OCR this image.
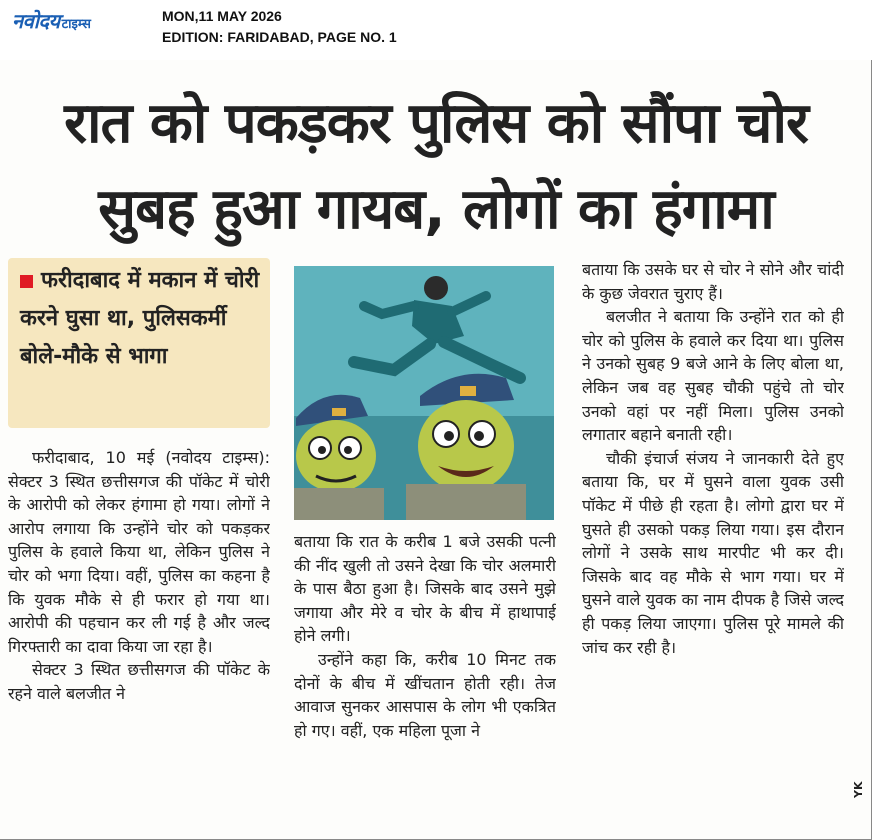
नवोदय टाइम्स
MON,11 MAY 2026
EDITION: FARIDABAD, PAGE NO. 1
रात को पकड़कर पुलिस को सौंपा चोर
सुबह हुआ गायब, लोगों का हंगामा
फरीदाबाद में मकान में चोरी करने घुसा था, पुलिसकर्मी बोले-मौके से भागा

फरीदाबाद, 10 मई (नवोदय टाइम्स): सेक्टर 3 स्थित छत्तीसगज की पॉकेट में चोरी के आरोपी को लेकर हंगामा हो गया। लोगों ने आरोप लगाया कि उन्होंने चोर को पकड़कर पुलिस के हवाले किया था, लेकिन पुलिस ने चोर को भगा दिया। वहीं, पुलिस का कहना है कि युवक मौके से ही फरार हो गया था। आरोपी की पहचान कर ली गई है और जल्द गिरफ्तारी का दावा किया जा रहा है।

सेक्टर 3 स्थित छत्तीसगज की पॉकेट के रहने वाले बलजीत ने

बताया कि रात के करीब 1 बजे उसकी पत्नी की नींद खुली तो उसने देखा कि चोर अलमारी के पास बैठा हुआ है। जिसके बाद उसने मुझे जगाया और मेरे व चोर के बीच में हाथापाई होने लगी।

उन्होंने कहा कि, करीब 10 मिनट तक दोनों के बीच में खींचतान होती रही। तेज आवाज सुनकर आसपास के लोग भी एकत्रित हो गए। वहीं, एक महिला पूजा ने

बताया कि उसके घर से चोर ने सोने और चांदी के कुछ जेवरात चुराए हैं।

बलजीत ने बताया कि उन्होंने रात को ही चोर को पुलिस के हवाले कर दिया था। पुलिस ने उनको सुबह 9 बजे आने के लिए बोला था, लेकिन जब वह सुबह चौकी पहुंचे तो चोर उनको वहां पर नहीं मिला। पुलिस उनको लगातार बहाने बनाती रही।

चौकी इंचार्ज संजय ने जानकारी देते हुए बताया कि, घर में घुसने वाला युवक उसी पॉकेट में पीछे ही रहता है। लोगो द्वारा घर में घुसते ही उसको पकड़ लिया गया। इस दौरान लोगों ने उसके साथ मारपीट भी कर दी। जिसके बाद वह मौके से भाग गया। घर में घुसने वाले युवक का नाम दीपक है जिसे जल्द ही पकड़ लिया जाएगा। पुलिस पूरे मामले की जांच कर रही है।

YK
